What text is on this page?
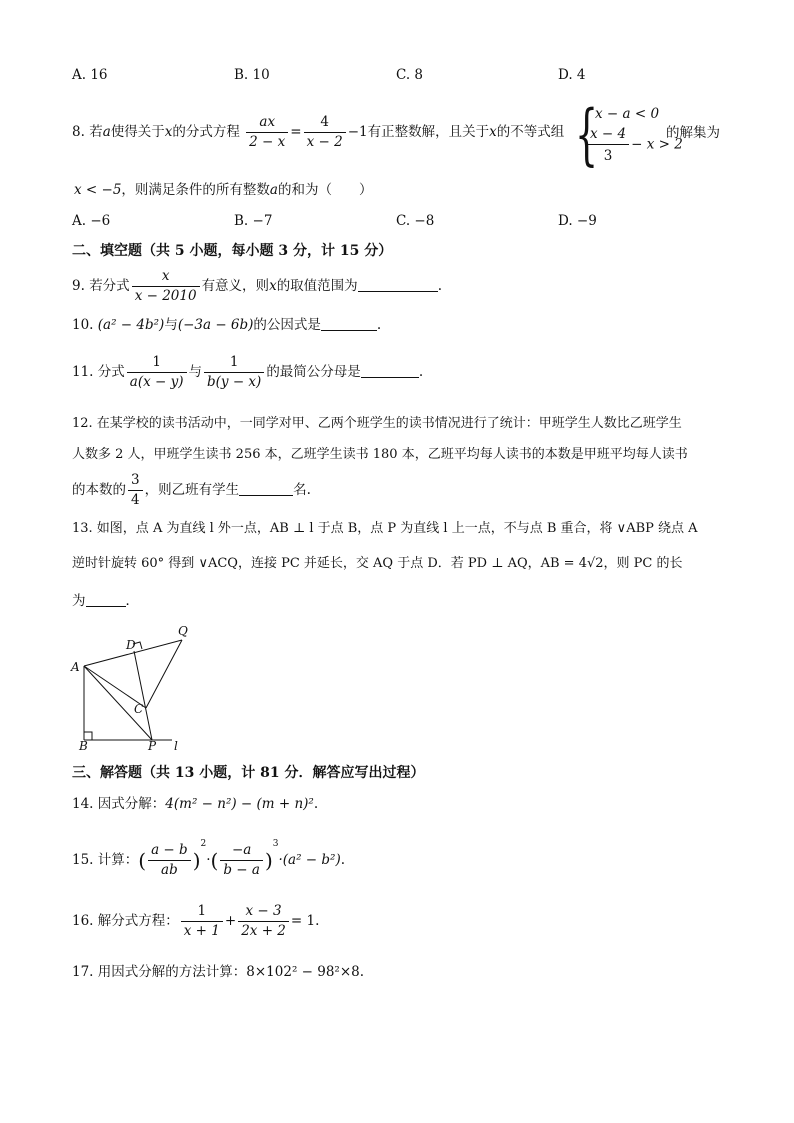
A. 16	B. 10	C. 8	D. 4
8. 若a使得关于x的分式方程 $\frac{ax}{2 - x} = \frac{4}{x - 2} -1$有正整数解，且关于x的不等式组 {
x − a < 0
$\frac{x - 4}{3} - x > 2$
的解集为
x < −5，则满足条件的所有整数a的和为（　　）
A. −6	B. −7	C. −8	D. −9
二、填空题（共 5 小题，每小题 3 分，计 15 分）
9. 若分式 $\frac{x}{x - 2010}$ 有意义，则x的取值范围为	.
10. (a² − 4b²)与(−3a − 6b)的公因式是	.
11. 分式 $\frac{1}{a(x - y)}$ 与 $\frac{1}{b(y - x)}$ 的最简公分母是	.
12. 在某学校的读书活动中，一同学对甲、乙两个班学生的读书情况进行了统计：甲班学生人数比乙班学生
人数多 2 人，甲班学生读书 256 本，乙班学生读书 180 本，乙班平均每人读书的本数是甲班平均每人读书
的本数的 $\frac{3}{4}$ ，则乙班有学生	名.
13. 如图，点 A 为直线 l 外一点，AB ⊥ l 于点 B，点 P 为直线 l 上一点，不与点 B 重合，将 ∨ABP 绕点 A
逆时针旋转 60° 得到 ∨ACQ，连接 PC 并延长，交 AQ 于点 D．若 PD ⊥ AQ，AB = 4√2，则 PC 的长
为	．
Q
D
A
C
B	P l
三、解答题（共 13 小题，计 81 分．解答应写出过程）
14. 因式分解：4(m² − n²) − (m + n)².
15. 计算：( $\frac{a - b}{ab} )^2\cdot( \frac{-a}{b - a} )^3\cdot(a^2 - b^2)$.
16. 解分式方程： $\frac{1}{x + 1} + \frac{x - 3}{2x + 2} = 1$.
17. 用因式分解的方法计算：8×102² − 98²×8.
